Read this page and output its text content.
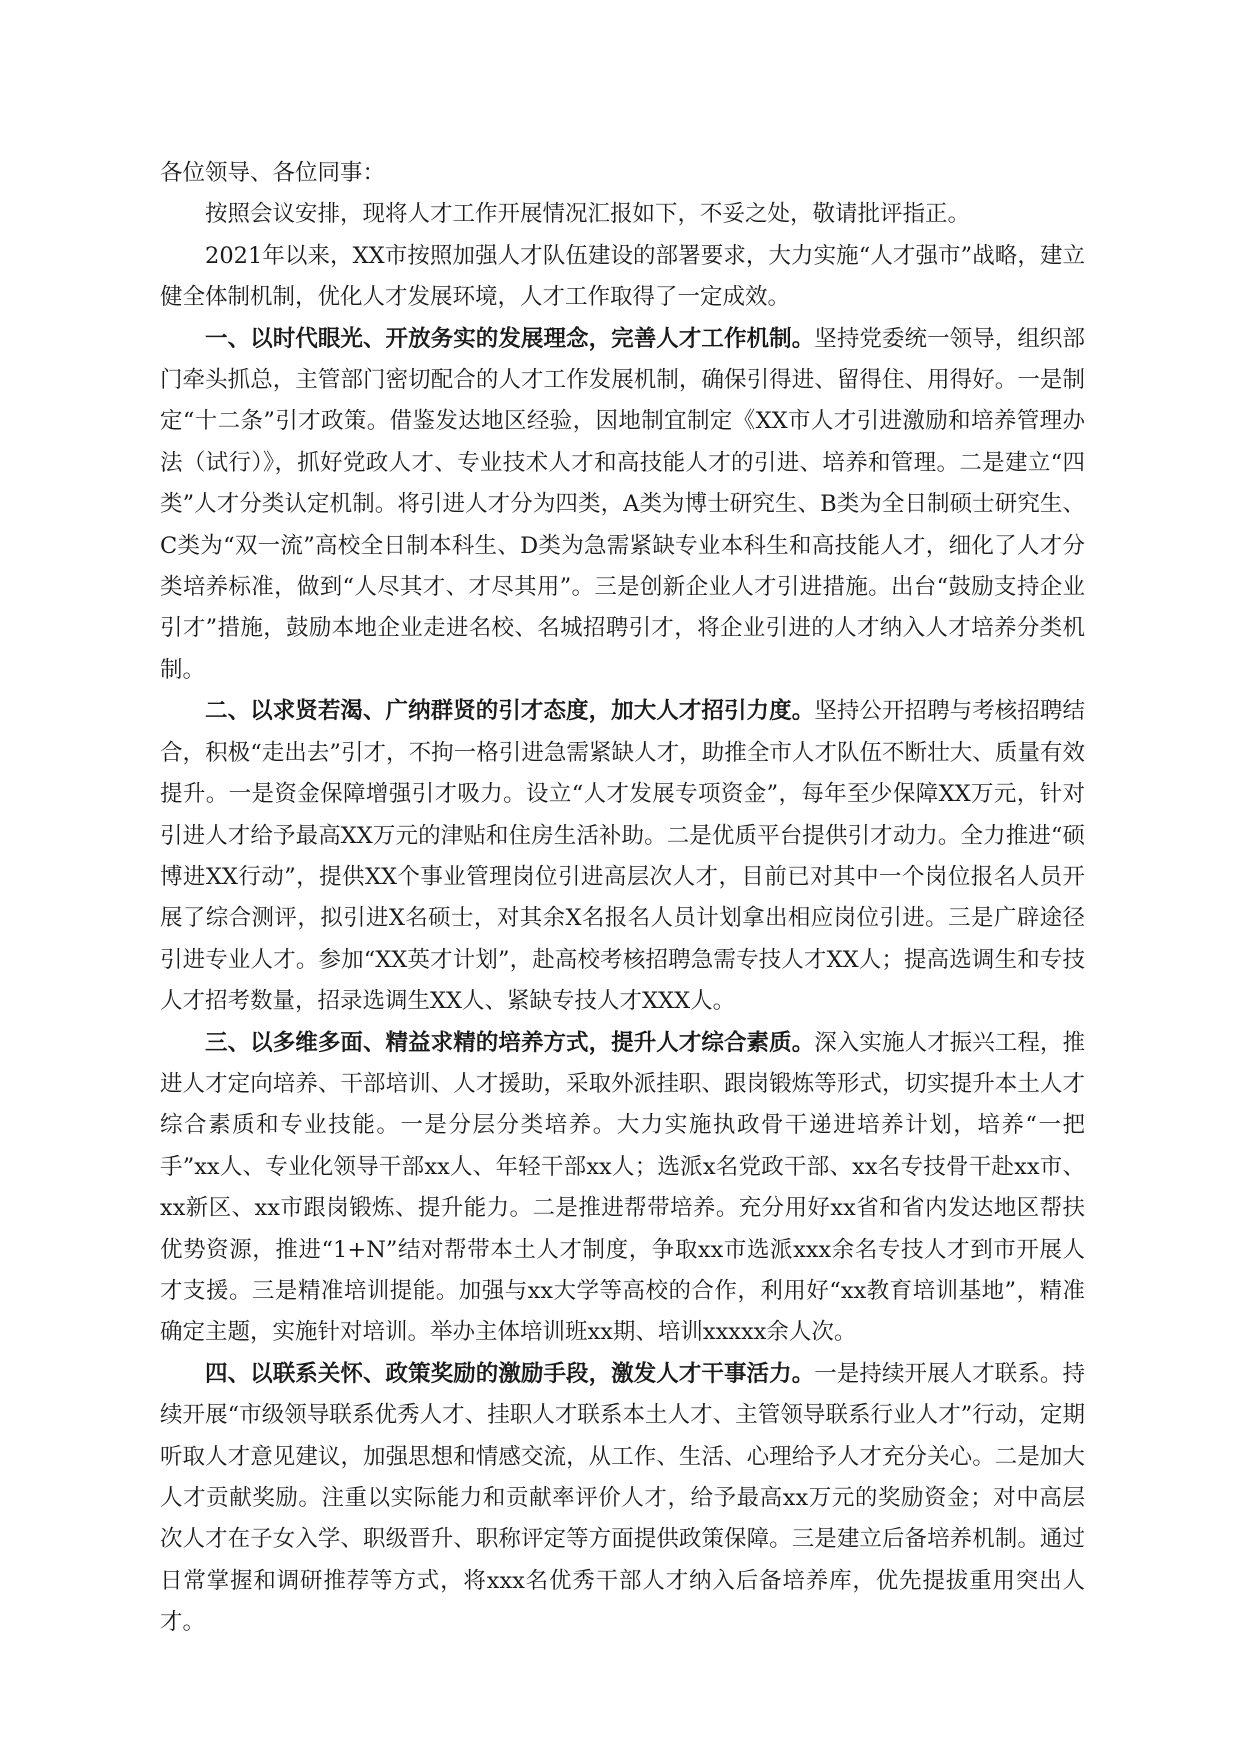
各位领导、各位同事：

按照会议安排，现将人才工作开展情况汇报如下，不妥之处，敬请批评指正。

2021年以来，XX市按照加强人才队伍建设的部署要求，大力实施“人才强市”战略，建立健全体制机制，优化人才发展环境，人才工作取得了一定成效。

一、以时代眼光、开放务实的发展理念，完善人才工作机制。坚持党委统一领导，组织部门牵头抓总，主管部门密切配合的人才工作发展机制，确保引得进、留得住、用得好。一是制定“十二条”引才政策。借鉴发达地区经验，因地制宜制定《XX市人才引进激励和培养管理办法（试行）》，抓好党政人才、专业技术人才和高技能人才的引进、培养和管理。二是建立“四类”人才分类认定机制。将引进人才分为四类，A类为博士研究生、B类为全日制硕士研究生、C类为“双一流”高校全日制本科生、D类为急需紧缺专业本科生和高技能人才，细化了人才分类培养标准，做到“人尽其才、才尽其用”。三是创新企业人才引进措施。出台“鼓励支持企业引才”措施，鼓励本地企业走进名校、名城招聘引才，将企业引进的人才纳入人才培养分类机制。

二、以求贤若渴、广纳群贤的引才态度，加大人才招引力度。坚持公开招聘与考核招聘结合，积极“走出去”引才，不拘一格引进急需紧缺人才，助推全市人才队伍不断壮大、质量有效提升。一是资金保障增强引才吸力。设立“人才发展专项资金”，每年至少保障XX万元，针对引进人才给予最高XX万元的津贴和住房生活补助。二是优质平台提供引才动力。全力推进“硕博进XX行动”，提供XX个事业管理岗位引进高层次人才，目前已对其中一个岗位报名人员开展了综合测评，拟引进X名硕士，对其余X名报名人员计划拿出相应岗位引进。三是广辟途径引进专业人才。参加“XX英才计划”，赴高校考核招聘急需专技人才XX人；提高选调生和专技人才招考数量，招录选调生XX人、紧缺专技人才XXX人。

三、以多维多面、精益求精的培养方式，提升人才综合素质。深入实施人才振兴工程，推进人才定向培养、干部培训、人才援助，采取外派挂职、跟岗锻炼等形式，切实提升本土人才综合素质和专业技能。一是分层分类培养。大力实施执政骨干递进培养计划，培养“一把手”xx人、专业化领导干部xx人、年轻干部xx人；选派x名党政干部、xx名专技骨干赴xx市、xx新区、xx市跟岗锻炼、提升能力。二是推进帮带培养。充分用好xx省和省内发达地区帮扶优势资源，推进“1+N”结对帮带本土人才制度，争取xx市选派xxx余名专技人才到市开展人才支援。三是精准培训提能。加强与xx大学等高校的合作，利用好“xx教育培训基地”，精准确定主题，实施针对培训。举办主体培训班xx期、培训xxxxx余人次。

四、以联系关怀、政策奖励的激励手段，激发人才干事活力。一是持续开展人才联系。持续开展“市级领导联系优秀人才、挂职人才联系本土人才、主管领导联系行业人才”行动，定期听取人才意见建议，加强思想和情感交流，从工作、生活、心理给予人才充分关心。二是加大人才贡献奖励。注重以实际能力和贡献率评价人才，给予最高xx万元的奖励资金；对中高层次人才在子女入学、职级晋升、职称评定等方面提供政策保障。三是建立后备培养机制。通过日常掌握和调研推荐等方式，将xxx名优秀干部人才纳入后备培养库，优先提拔重用突出人才。
